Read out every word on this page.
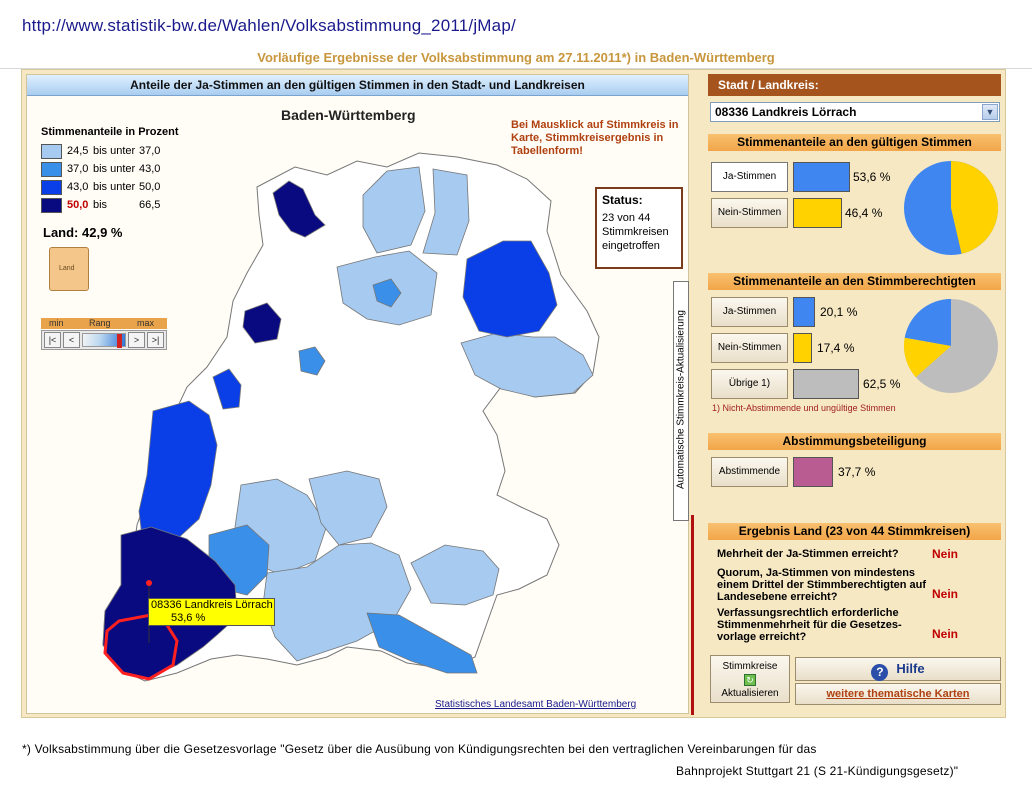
http://www.statistik-bw.de/Wahlen/Volksabstimmung_2011/jMap/
Vorläufige Ergebnisse der Volksabstimmung am 27.11.2011*) in Baden-Württemberg
Anteile der Ja-Stimmen an den gültigen Stimmen in den Stadt- und Landkreisen
Baden-Württemberg
Bei Mausklick auf Stimmkreis in Karte, Stimmkreisergebnis in Tabellenform!
Stimmenanteile in Prozent
24,5 bis unter 37,0
37,0 bis unter 43,0
43,0 bis unter 50,0
50,0 bis	66,5
Land: 42,9 %
Land
min	Rang	max
|<	<	>	>|
Status:
23 von 44 Stimmkreisen eingetroffen
Automatische Stimmkreis-Aktualisierung
08336 Landkreis Lörrach
53,6 %
Statistisches Landesamt Baden-Württemberg
Stadt / Landkreis:
08336 Landkreis Lörrach	▼
Stimmenanteile an den gültigen Stimmen
Ja-Stimmen	53,6 %
Nein-Stimmen	46,4 %
Stimmenanteile an den Stimmberechtigten
Ja-Stimmen	20,1 %
Nein-Stimmen	17,4 %
Übrige 1)	62,5 %
1) Nicht-Abstimmende und ungültige Stimmen
Abstimmungsbeteiligung
Abstimmende	37,7 %
Ergebnis Land (23 von 44 Stimmkreisen)
Mehrheit der Ja-Stimmen erreicht?	Nein
Quorum, Ja-Stimmen von mindestens einem Drittel der Stimmberechtigten auf Landesebene erreicht?	Nein
Verfassungsrechtlich erforderliche Stimmenmehrheit für die Gesetzes-vorlage erreicht?	Nein
Stimmkreise
↻
Aktualisieren
? Hilfe
weitere thematische Karten
*) Volksabstimmung über die Gesetzesvorlage "Gesetz über die Ausübung von Kündigungsrechten bei den vertraglichen Vereinbarungen für das
Bahnprojekt Stuttgart 21 (S 21-Kündigungsgesetz)"
